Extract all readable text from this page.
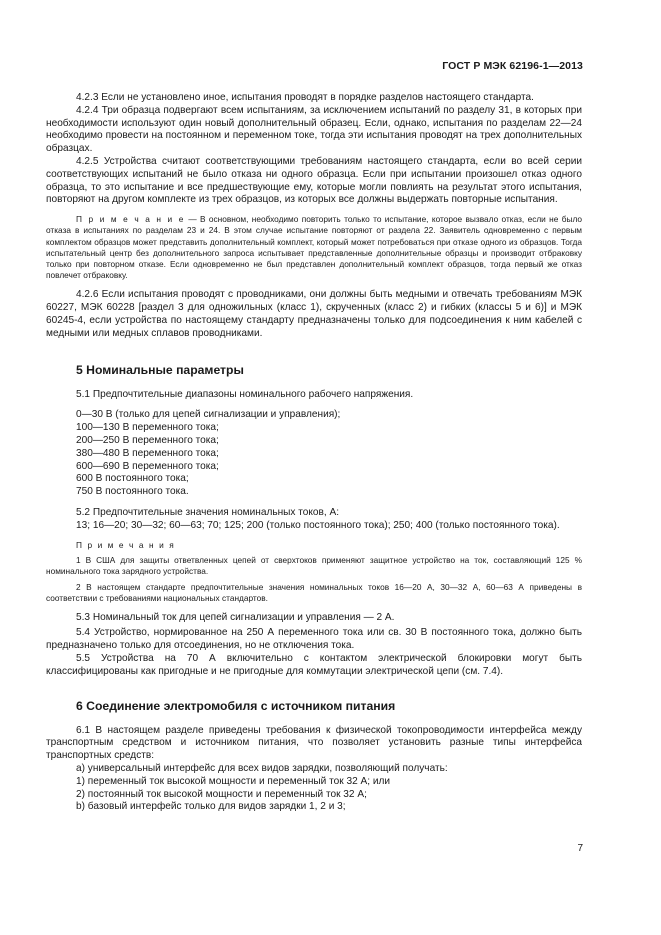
ГОСТ Р МЭК 62196-1—2013

4.2.3 Если не установлено иное, испытания проводят в порядке разделов настоящего стандарта.

4.2.4 Три образца подвергают всем испытаниям, за исключением испытаний по разделу 31, в которых при необходимости используют один новый дополнительный образец. Если, однако, испытания по разделам 22—24 необходимо провести на постоянном и переменном токе, тогда эти испытания проводят на трех дополнительных образцах.

4.2.5 Устройства считают соответствующими требованиям настоящего стандарта, если во всей серии соответствующих испытаний не было отказа ни одного образца. Если при испытании произошел отказ одного образца, то это испытание и все предшествующие ему, которые могли повлиять на результат этого испытания, повторяют на другом комплекте из трех образцов, из которых все должны выдержать повторные испытания.

П р и м е ч а н и е — В основном, необходимо повторить только то испытание, которое вызвало отказ, если не было отказа в испытаниях по разделам 23 и 24. В этом случае испытание повторяют от раздела 22. Заявитель одновременно с первым комплектом образцов может представить дополнительный комплект, который может потребоваться при отказе одного из образцов. Тогда испытательный центр без дополнительного запроса испытывает представленные дополнительные образцы и производит отбраковку только при повторном отказе. Если одновременно не был представлен дополнительный комплект образцов, тогда первый же отказ повлечет отбраковку.

4.2.6 Если испытания проводят с проводниками, они должны быть медными и отвечать требованиям МЭК 60227, МЭК 60228 [раздел 3 для одножильных (класс 1), скрученных (класс 2) и гибких (классы 5 и 6)] и МЭК 60245-4, если устройства по настоящему стандарту предназначены только для подсоединения к ним кабелей с медными или медных сплавов проводниками.

5 Номинальные параметры

5.1 Предпочтительные диапазоны номинального рабочего напряжения.

0—30 В (только для цепей сигнализации и управления);

100—130 В переменного тока;

200—250 В переменного тока;

380—480 В переменного тока;

600—690 В переменного тока;

600 В постоянного тока;

750 В постоянного тока.

5.2 Предпочтительные значения номинальных токов, А:

13; 16—20; 30—32; 60—63; 70; 125; 200 (только постоянного тока); 250; 400 (только постоянного тока).

П р и м е ч а н и я

1 В США для защиты ответвленных цепей от сверхтоков применяют защитное устройство на ток, составляющий 125 % номинального тока зарядного устройства.

2 В настоящем стандарте предпочтительные значения номинальных токов 16—20 А, 30—32 А, 60—63 А приведены в соответствии с требованиями национальных стандартов.

5.3 Номинальный ток для цепей сигнализации и управления — 2 А.

5.4 Устройство, нормированное на 250 А переменного тока или св. 30 В постоянного тока, должно быть предназначено только для отсоединения, но не отключения тока.

5.5 Устройства на 70 А включительно с контактом электрической блокировки могут быть классифицированы как пригодные и не пригодные для коммутации электрической цепи (см. 7.4).

6 Соединение электромобиля с источником питания

6.1 В настоящем разделе приведены требования к физической токопроводимости интерфейса между транспортным средством и источником питания, что позволяет установить разные типы интерфейса транспортных средств:

а) универсальный интерфейс для всех видов зарядки, позволяющий получать:

1) переменный ток высокой мощности и переменный ток 32 А; или

2) постоянный ток высокой мощности и переменный ток 32 А;

b) базовый интерфейс только для видов зарядки 1, 2 и 3;

7
